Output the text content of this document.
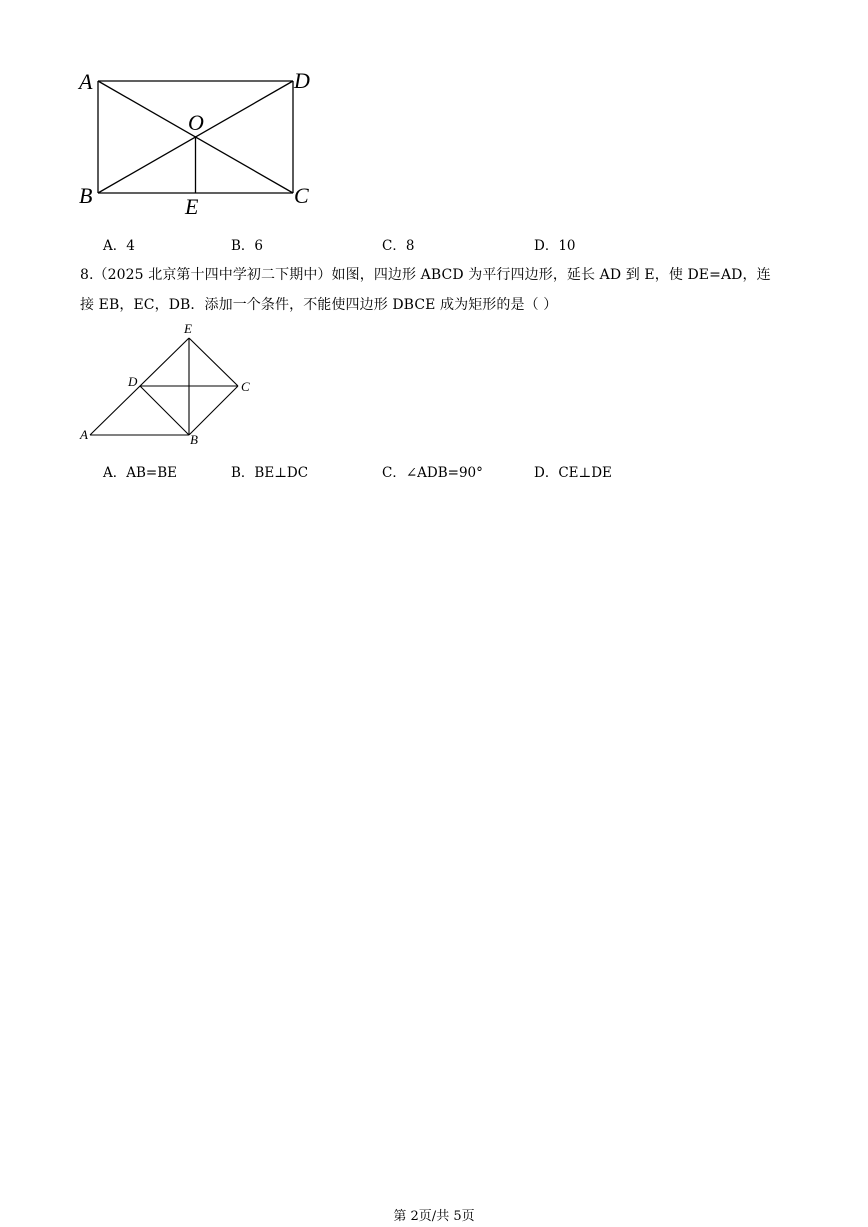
A	D
O
B	C
E
A．4	B．6	C．8	D．10
8.（2025 北京第十四中学初二下期中）如图，四边形 ABCD 为平行四边形，延长 AD 到 E，使 DE=AD，连
接 EB，EC，DB．添加一个条件，不能使四边形 DBCE 成为矩形的是（ ）
E
D	C
A	B
A．AB=BE	B．BE⊥DC	C．∠ADB=90°	D．CE⊥DE
第 2页/共 5页
